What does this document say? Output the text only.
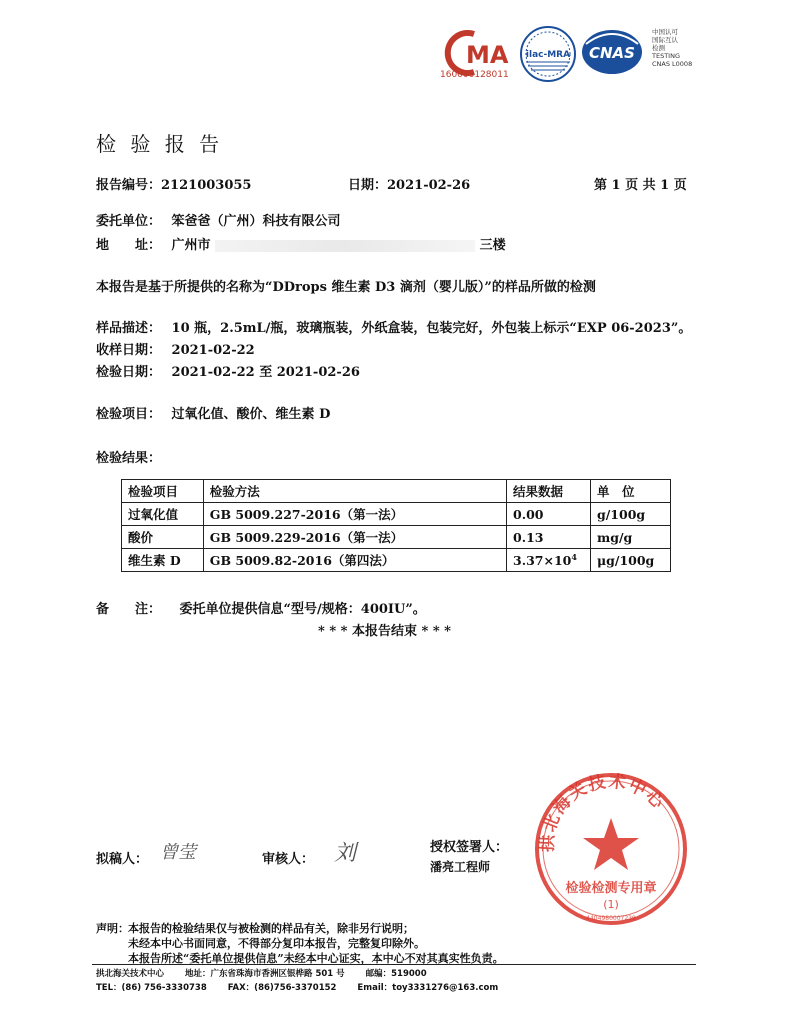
MA
160000128011
ilac-MRA CNAS
中国认可
国际互认
检测
TESTING
CNAS L0008
检 验 报 告
报告编号：2121003055	日期：2021-02-26	第 1 页 共 1 页
委托单位： 笨爸爸（广州）科技有限公司
地　　址： 广州市	三楼
本报告是基于所提供的名称为“DDrops 维生素 D3 滴剂（婴儿版）”的样品所做的检测
样品描述： 10 瓶，2.5mL/瓶，玻璃瓶装，外纸盒装，包装完好，外包装上标示“EXP 06-2023”。
收样日期： 2021-02-22
检验日期： 2021-02-22 至 2021-02-26
检验项目： 过氧化值、酸价、维生素 D
检验结果：
检验项目	检验方法	结果数据	单　位
过氧化值	GB 5009.227-2016（第一法）	0.00	g/100g
酸价	GB 5009.229-2016（第一法）	0.13	mg/g
维生素 D	GB 5009.82-2016（第四法）	$3.37\times 10^4$	μg/100g
备　　注： 委托单位提供信息“型号/规格：400IU”。
* * * 本报告结束 * * *
拟稿人： 曾莹	审核人： 刘	授权签署人：
潘亮工程师
拱北海关技术中心
检验检测专用章
(1)
4404980007239
声明： 本报告的检验结果仅与被检测的样品有关，除非另行说明；
未经本中心书面同意，不得部分复印本报告，完整复印除外。
本报告所述“委托单位提供信息”未经本中心证实，本中心不对其真实性负责。
拱北海关技术中心 地址：广东省珠海市香洲区银桦路 501 号 邮编：519000
TEL：(86) 756-3330738 FAX：(86)756-3370152 Email：toy3331276@163.com
